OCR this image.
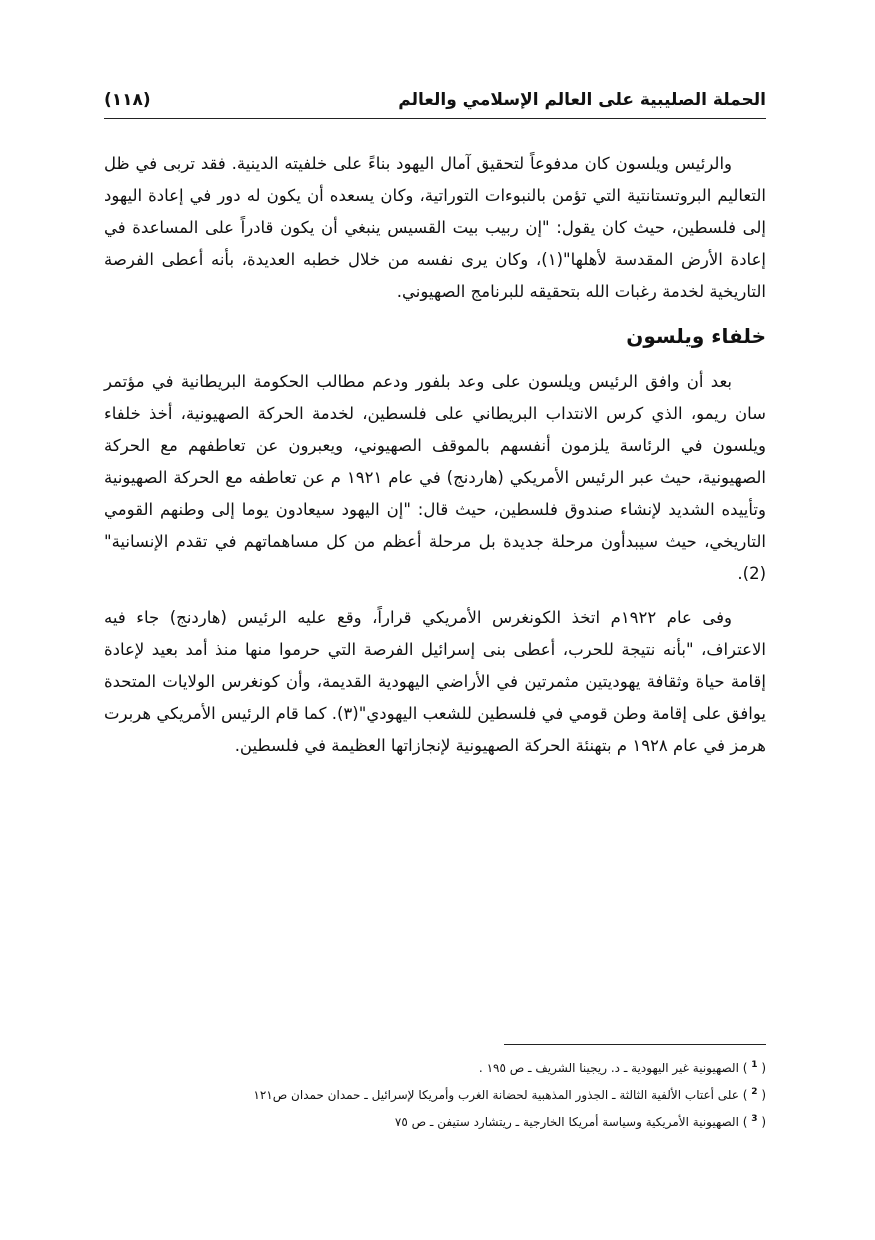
الحملة الصليبية على العالم الإسلامي والعالم
(١١٨)

والرئيس ويلسون كان مدفوعاً لتحقيق آمال اليهود بناءً على خلفيته الدينية. فقد تربى في ظل التعاليم البروتستانتية التي تؤمن بالنبوءات التوراتية، وكان يسعده أن يكون له دور في إعادة اليهود إلى فلسطين، حيث كان يقول: "إن ربيب بيت القسيس ينبغي أن يكون قادراً على المساعدة في إعادة الأرض المقدسة لأهلها"(١)، وكان يرى نفسه من خلال خطبه العديدة، بأنه أعطى الفرصة التاريخية لخدمة رغبات الله بتحقيقه للبرنامج الصهيوني.

خلفاء ويلسون

بعد أن وافق الرئيس ويلسون على وعد بلفور ودعم مطالب الحكومة البريطانية في مؤتمر سان ريمو، الذي كرس الانتداب البريطاني على فلسطين، لخدمة الحركة الصهيونية، أخذ خلفاء ويلسون في الرئاسة يلزمون أنفسهم بالموقف الصهيوني، ويعبرون عن تعاطفهم مع الحركة الصهيونية، حيث عبر الرئيس الأمريكي (هاردنج) في عام ١٩٢١ م عن تعاطفه مع الحركة الصهيونية وتأييده الشديد لإنشاء صندوق فلسطين، حيث قال: "إن اليهود سيعادون يوما إلى وطنهم القومي التاريخي، حيث سيبدأون مرحلة جديدة بل مرحلة أعظم من كل مساهماتهم في تقدم الإنسانية"(2).

وفى عام ١٩٢٢م اتخذ الكونغرس الأمريكي قراراً، وقع عليه الرئيس (هاردنج) جاء فيه الاعتراف، "بأنه نتيجة للحرب، أعطى بنى إسرائيل الفرصة التي حرموا منها منذ أمد بعيد لإعادة إقامة حياة وثقافة يهوديتين مثمرتين في الأراضي اليهودية القديمة، وأن كونغرس الولايات المتحدة يوافق على إقامة وطن قومي في فلسطين للشعب اليهودي"(٣). كما قام الرئيس الأمريكي هربرت هرمز في عام ١٩٢٨ م بتهنئة الحركة الصهيونية لإنجازاتها العظيمة في فلسطين.

( $^1$ ) الصهيونية غير اليهودية ـ د. ريجينا الشريف ـ ص ١٩٥ .
( $^2$ ) على أعتاب الألفية الثالثة ـ الجذور المذهبية لحضانة الغرب وأمريكا لإسرائيل ـ حمدان حمدان ص١٢١
( $^3$ ) الصهيونية الأمريكية وسياسة أمريكا الخارجية ـ ريتشارد ستيفن ـ ص ٧٥
